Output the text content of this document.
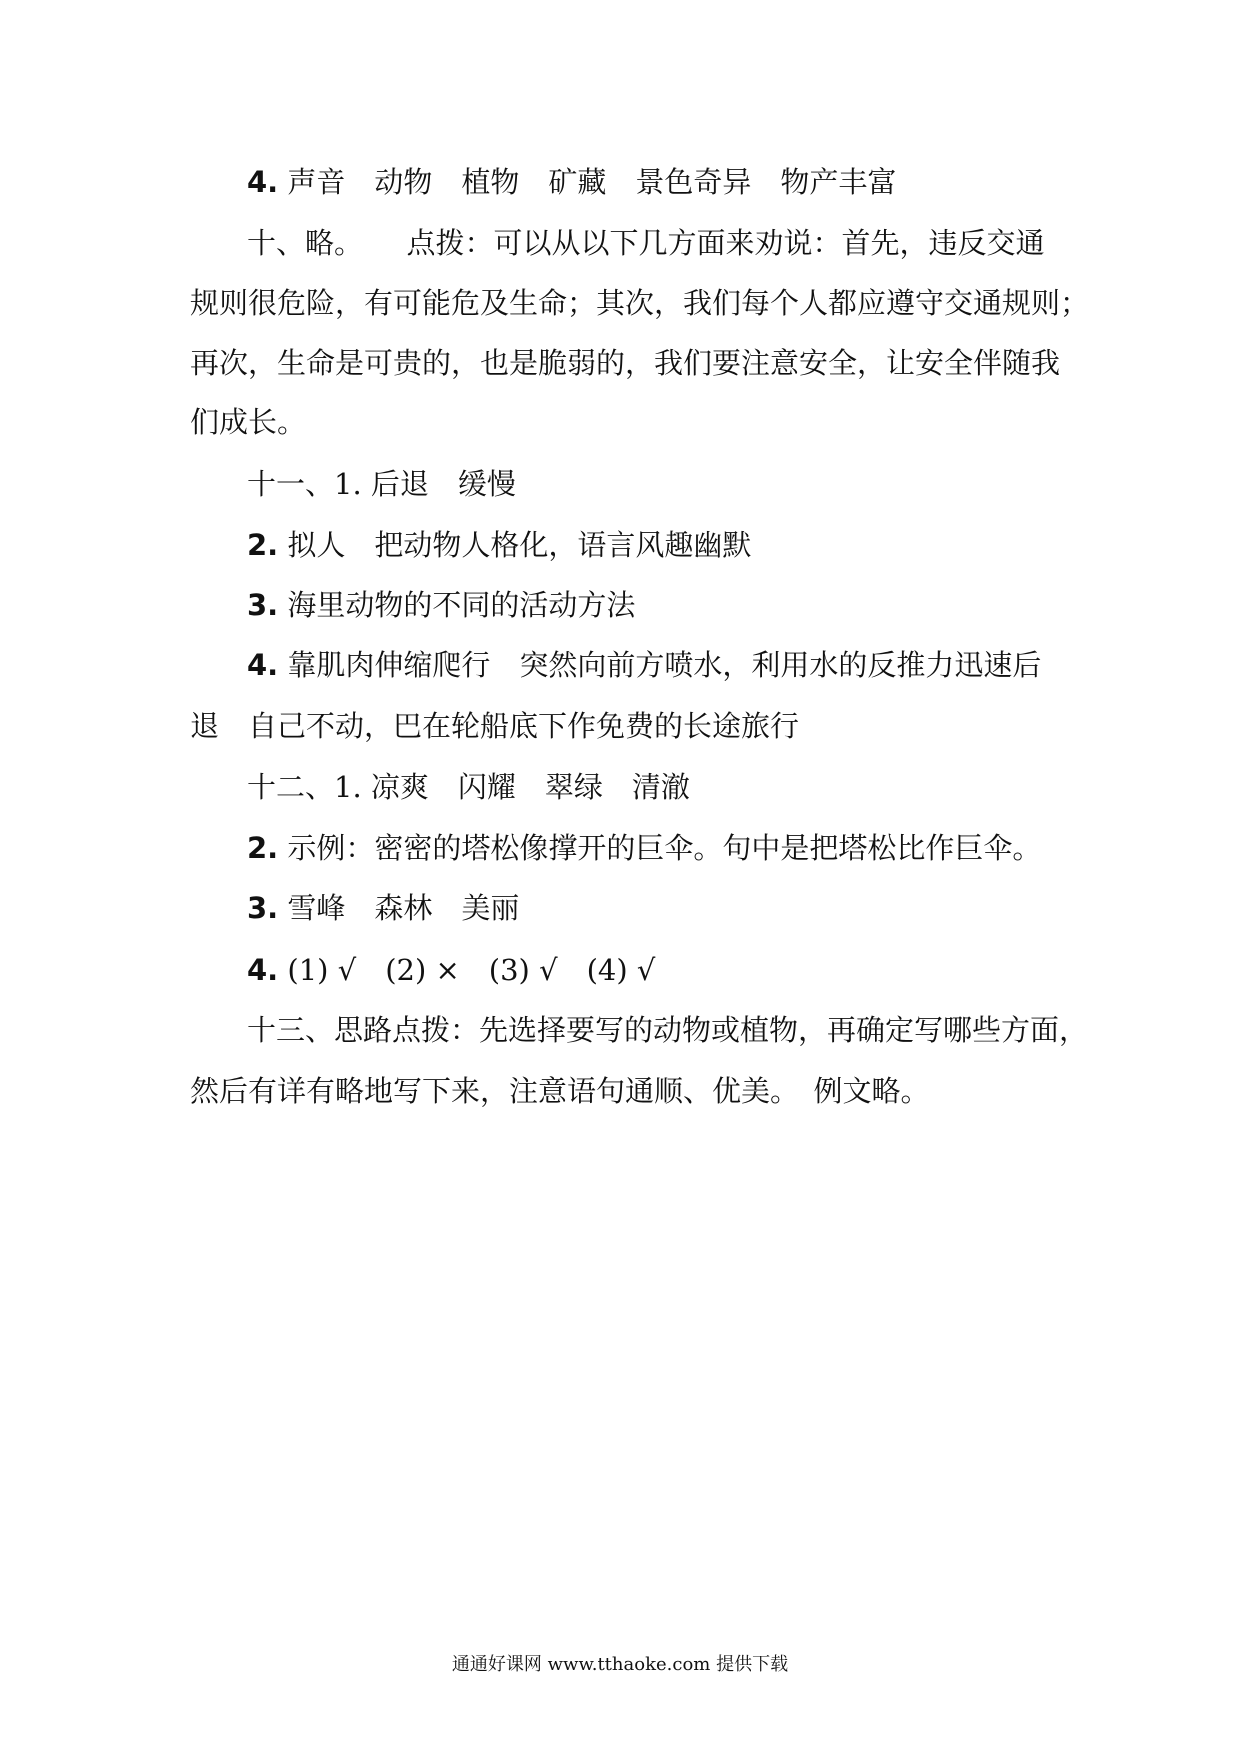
4. 声音　动物　植物　矿藏　景色奇异　物产丰富
十、略。　　点拨：可以从以下几方面来劝说：首先，违反交通
规则很危险，有可能危及生命；其次，我们每个人都应遵守交通规则；
再次，生命是可贵的，也是脆弱的，我们要注意安全，让安全伴随我
们成长。
十一、1. 后退　缓慢
2. 拟人　把动物人格化，语言风趣幽默
3. 海里动物的不同的活动方法
4. 靠肌肉伸缩爬行　突然向前方喷水，利用水的反推力迅速后
退　自己不动，巴在轮船底下作免费的长途旅行
十二、1. 凉爽　闪耀　翠绿　清澈
2. 示例：密密的塔松像撑开的巨伞。句中是把塔松比作巨伞。
3. 雪峰　森林　美丽
4. (1) √　(2) ×　(3) √　(4) √
十三、思路点拨：先选择要写的动物或植物，再确定写哪些方面，
然后有详有略地写下来，注意语句通顺、优美。　例文略。
通通好课网 www.tthaoke.com 提供下载
